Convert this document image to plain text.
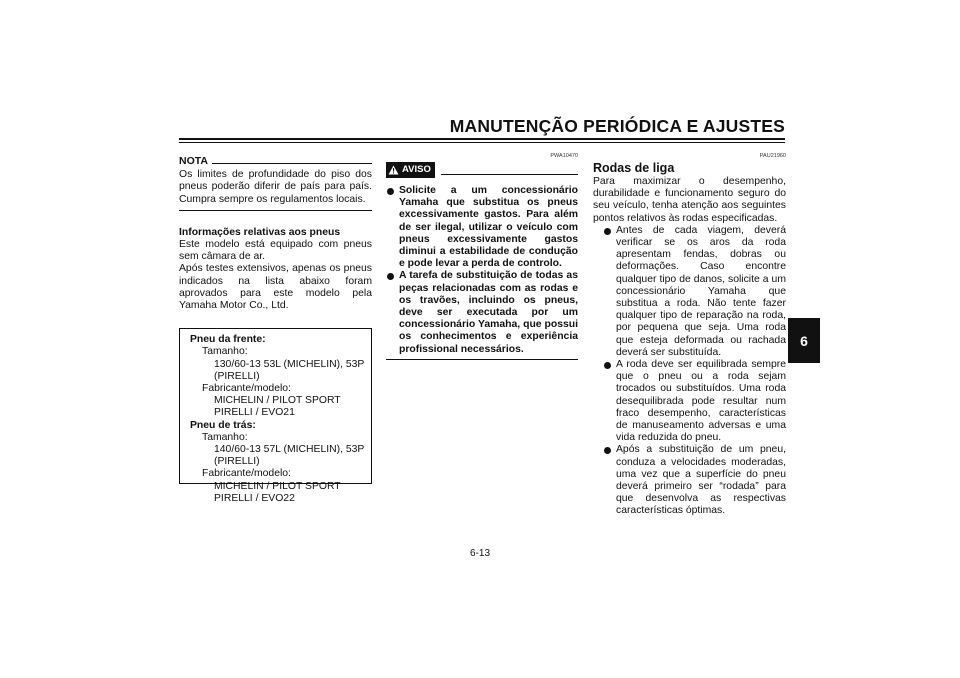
MANUTENÇÃO PERIÓDICA E AJUSTES
6
NOTA

Os limites de profundidade do piso dos pneus poderão diferir de país para país. Cumpra sempre os regulamentos locais.

Informações relativas aos pneus

Este modelo está equipado com pneus sem câmara de ar.

Após testes extensivos, apenas os pneus indicados na lista abaixo foram aprovados para este modelo pela Yamaha Motor Co., Ltd.

Pneu da frente:
Tamanho:
130/60-13 53L (MICHELIN), 53P
(PIRELLI)
Fabricante/modelo:
MICHELIN / PILOT SPORT
PIRELLI / EVO21
Pneu de trás:
Tamanho:
140/60-13 57L (MICHELIN), 53P
(PIRELLI)
Fabricante/modelo:
MICHELIN / PILOT SPORT
PIRELLI / EVO22
PWA10470
AVISO
Solicite a um concessionário Yamaha que substitua os pneus excessivamente gastos. Para além de ser ilegal, utilizar o veículo com pneus excessivamente gastos diminui a estabilidade de condução e pode levar a perda de controlo.
A tarefa de substituição de todas as peças relacionadas com as rodas e os travões, incluindo os pneus, deve ser executada por um concessionário Yamaha, que possui os conhecimentos e experiência profissional necessários.
PAU21960
Rodas de liga

Para maximizar o desempenho, durabilidade e funcionamento seguro do seu veículo, tenha atenção aos seguintes pontos relativos às rodas especificadas.

Antes de cada viagem, deverá verificar se os aros da roda apresentam fendas, dobras ou deformações. Caso encontre qualquer tipo de danos, solicite a um concessionário Yamaha que substitua a roda. Não tente fazer qualquer tipo de reparação na roda, por pequena que seja. Uma roda que esteja deformada ou rachada deverá ser substituída.
A roda deve ser equilibrada sempre que o pneu ou a roda sejam trocados ou substituídos. Uma roda desequilibrada pode resultar num fraco desempenho, características de manuseamento adversas e uma vida reduzida do pneu.
Após a substituição de um pneu, conduza a velocidades moderadas, uma vez que a superfície do pneu deverá primeiro ser “rodada” para que desenvolva as respectivas características óptimas.
6-13
